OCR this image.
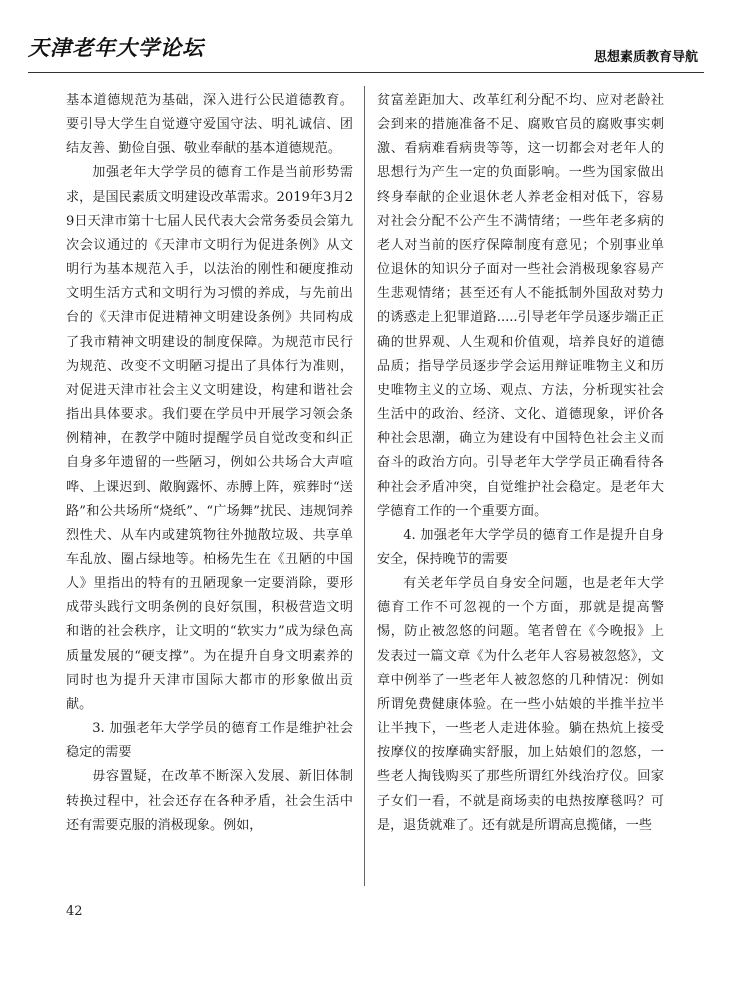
天津老年大学论坛	思想素质教育导航

基本道德规范为基础，深入进行公民道德教育。要引导大学生自觉遵守爱国守法、明礼诚信、团结友善、勤俭自强、敬业奉献的基本道德规范。

加强老年大学学员的德育工作是当前形势需求，是国民素质文明建设改革需求。2019年3月29日天津市第十七届人民代表大会常务委员会第九次会议通过的《天津市文明行为促进条例》从文明行为基本规范入手，以法治的刚性和硬度推动文明生活方式和文明行为习惯的养成，与先前出台的《天津市促进精神文明建设条例》共同构成了我市精神文明建设的制度保障。为规范市民行为规范、改变不文明陋习提出了具体行为准则，对促进天津市社会主义文明建设，构建和谐社会指出具体要求。我们要在学员中开展学习领会条例精神，在教学中随时提醒学员自觉改变和纠正自身多年遗留的一些陋习，例如公共场合大声喧哗、上课迟到、敞胸露怀、赤膊上阵，殡葬时“送路”和公共场所“烧纸”、“广场舞”扰民、违规饲养烈性犬、从车内或建筑物往外抛散垃圾、共享单车乱放、圈占绿地等。柏杨先生在《丑陋的中国人》里指出的特有的丑陋现象一定要消除，要形成带头践行文明条例的良好氛围，积极营造文明和谐的社会秩序，让文明的“软实力”成为绿色高质量发展的“硬支撑”。为在提升自身文明素养的同时也为提升天津市国际大都市的形象做出贡献。

3. 加强老年大学学员的德育工作是维护社会稳定的需要

毋容置疑，在改革不断深入发展、新旧体制转换过程中，社会还存在各种矛盾，社会生活中还有需要克服的消极现象。例如，

贫富差距加大、改革红利分配不均、应对老龄社会到来的措施准备不足、腐败官员的腐败事实刺激、看病难看病贵等等，这一切都会对老年人的思想行为产生一定的负面影响。一些为国家做出终身奉献的企业退休老人养老金相对低下，容易对社会分配不公产生不满情绪；一些年老多病的老人对当前的医疗保障制度有意见；个别事业单位退休的知识分子面对一些社会消极现象容易产生悲观情绪；甚至还有人不能抵制外国敌对势力的诱惑走上犯罪道路.....引导老年学员逐步端正正确的世界观、人生观和价值观，培养良好的道德品质；指导学员逐步学会运用辩证唯物主义和历史唯物主义的立场、观点、方法，分析现实社会生活中的政治、经济、文化、道德现象，评价各种社会思潮，确立为建设有中国特色社会主义而奋斗的政治方向。引导老年大学学员正确看待各种社会矛盾冲突，自觉维护社会稳定。是老年大学德育工作的一个重要方面。

4. 加强老年大学学员的德育工作是提升自身安全，保持晚节的需要

有关老年学员自身安全问题，也是老年大学德育工作不可忽视的一个方面，那就是提高警惕，防止被忽悠的问题。笔者曾在《今晚报》上发表过一篇文章《为什么老年人容易被忽悠》，文章中例举了一些老年人被忽悠的几种情况：例如所谓免费健康体验。在一些小姑娘的半推半拉半让半拽下，一些老人走进体验。躺在热炕上接受按摩仪的按摩确实舒服，加上姑娘们的忽悠，一些老人掏钱购买了那些所谓红外线治疗仪。回家子女们一看，不就是商场卖的电热按摩毯吗？可是，退货就难了。还有就是所谓高息揽储，一些

42
